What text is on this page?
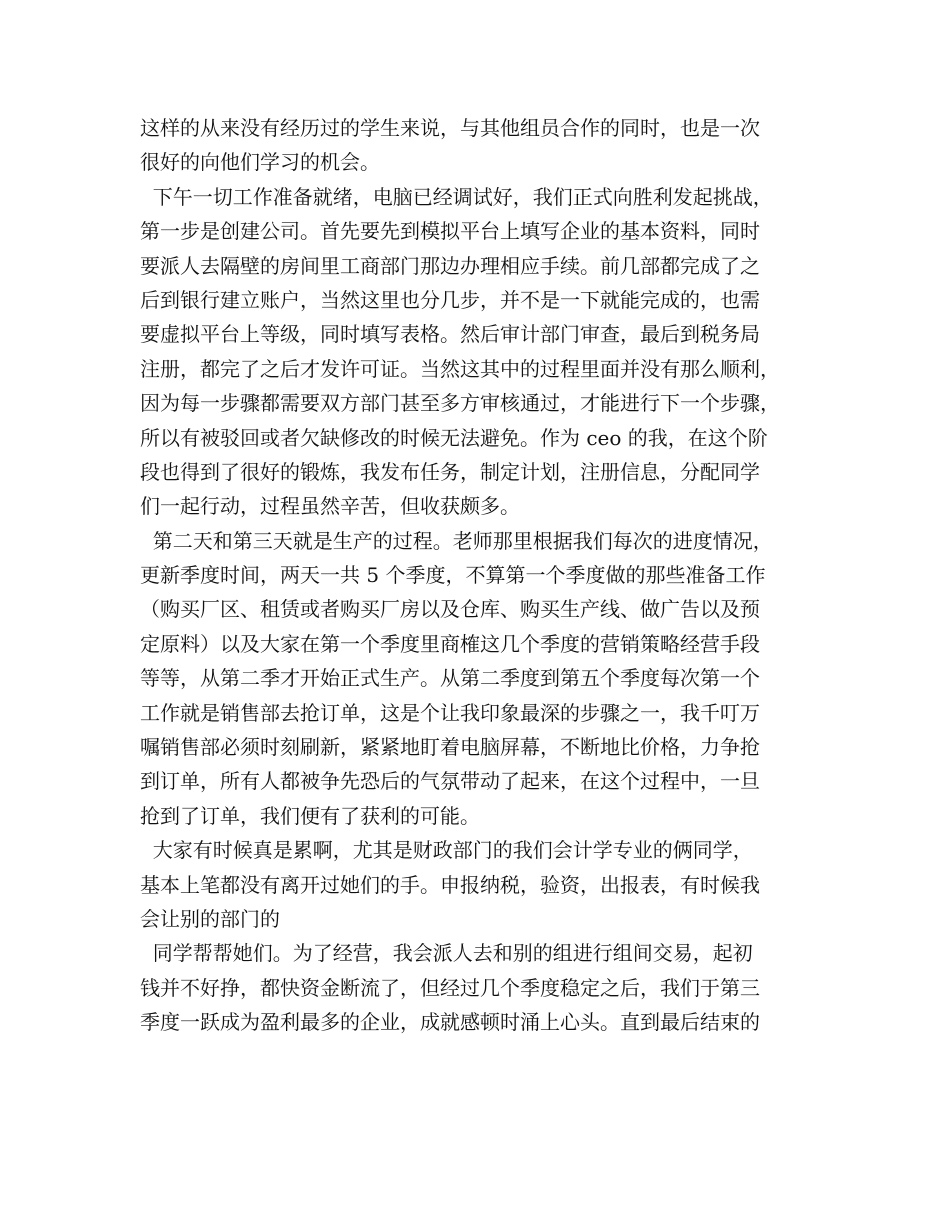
这样的从来没有经历过的学生来说，与其他组员合作的同时，也是一次
很好的向他们学习的机会。
下午一切工作准备就绪，电脑已经调试好，我们正式向胜利发起挑战，
第一步是创建公司。首先要先到模拟平台上填写企业的基本资料，同时
要派人去隔壁的房间里工商部门那边办理相应手续。前几部都完成了之
后到银行建立账户，当然这里也分几步，并不是一下就能完成的，也需
要虚拟平台上等级，同时填写表格。然后审计部门审查，最后到税务局
注册，都完了之后才发许可证。当然这其中的过程里面并没有那么顺利，
因为每一步骤都需要双方部门甚至多方审核通过，才能进行下一个步骤，
所以有被驳回或者欠缺修改的时候无法避免。作为 ceo 的我，在这个阶
段也得到了很好的锻炼，我发布任务，制定计划，注册信息，分配同学
们一起行动，过程虽然辛苦，但收获颇多。
第二天和第三天就是生产的过程。老师那里根据我们每次的进度情况，
更新季度时间，两天一共 5 个季度，不算第一个季度做的那些准备工作
（购买厂区、租赁或者购买厂房以及仓库、购买生产线、做广告以及预
定原料）以及大家在第一个季度里商榷这几个季度的营销策略经营手段
等等，从第二季才开始正式生产。从第二季度到第五个季度每次第一个
工作就是销售部去抢订单，这是个让我印象最深的步骤之一，我千叮万
嘱销售部必须时刻刷新，紧紧地盯着电脑屏幕，不断地比价格，力争抢
到订单，所有人都被争先恐后的气氛带动了起来，在这个过程中，一旦
抢到了订单，我们便有了获利的可能。
大家有时候真是累啊，尤其是财政部门的我们会计学专业的俩同学，
基本上笔都没有离开过她们的手。申报纳税，验资，出报表，有时候我
会让别的部门的
同学帮帮她们。为了经营，我会派人去和别的组进行组间交易，起初
钱并不好挣，都快资金断流了，但经过几个季度稳定之后，我们于第三
季度一跃成为盈利最多的企业，成就感顿时涌上心头。直到最后结束的
